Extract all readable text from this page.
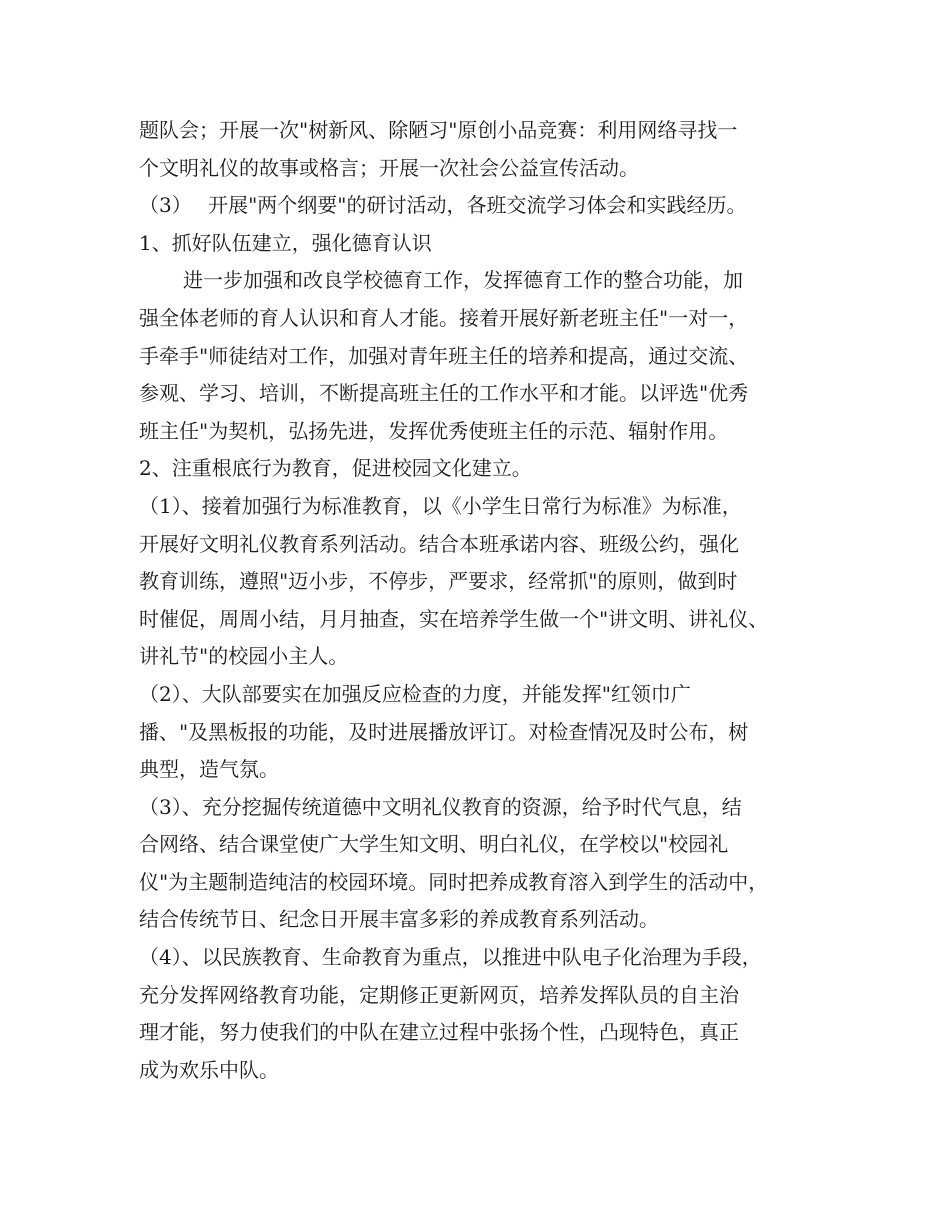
题队会；开展一次"树新风、除陋习"原创小品竞赛：利用网络寻找一
个文明礼仪的故事或格言；开展一次社会公益宣传活动。
（3）　 开展"两个纲要"的研讨活动，各班交流学习体会和实践经历。
1、抓好队伍建立，强化德育认识
进一步加强和改良学校德育工作，发挥德育工作的整合功能，加
强全体老师的育人认识和育人才能。接着开展好新老班主任"一对一，
手牵手"师徒结对工作，加强对青年班主任的培养和提高，通过交流、
参观、学习、培训，不断提高班主任的工作水平和才能。以评选"优秀
班主任"为契机，弘扬先进，发挥优秀使班主任的示范、辐射作用。
2、注重根底行为教育，促进校园文化建立。
（1）、接着加强行为标准教育，以《小学生日常行为标准》为标准，
开展好文明礼仪教育系列活动。结合本班承诺内容、班级公约，强化
教育训练，遵照"迈小步，不停步，严要求，经常抓"的原则，做到时
时催促，周周小结，月月抽查，实在培养学生做一个"讲文明、讲礼仪、
讲礼节"的校园小主人。
（2）、大队部要实在加强反应检查的力度，并能发挥"红领巾广
播、"及黑板报的功能，及时进展播放评订。对检查情况及时公布，树
典型，造气氛。
（3）、充分挖掘传统道德中文明礼仪教育的资源，给予时代气息，结
合网络、结合课堂使广大学生知文明、明白礼仪，在学校以"校园礼
仪"为主题制造纯洁的校园环境。同时把养成教育溶入到学生的活动中，
结合传统节日、纪念日开展丰富多彩的养成教育系列活动。
（4）、以民族教育、生命教育为重点，以推进中队电子化治理为手段，
充分发挥网络教育功能，定期修正更新网页，培养发挥队员的自主治
理才能，努力使我们的中队在建立过程中张扬个性，凸现特色，真正
成为欢乐中队。
